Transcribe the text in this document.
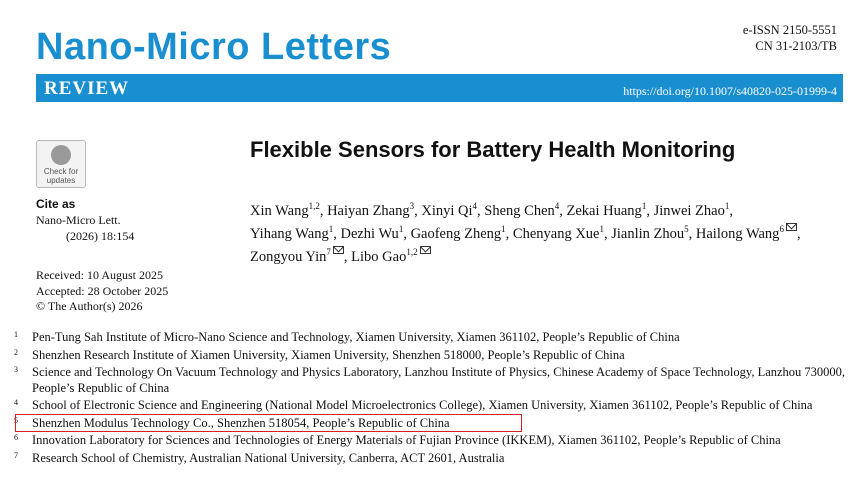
Nano-Micro Letters	e-ISSN 2150-5551
CN 31-2103/TB
REVIEW	https://doi.org/10.1007/s40820-025-01999-4
Check for
updates
Cite as
Nano-Micro Lett.
(2026) 18:154
Received: 10 August 2025
Accepted: 28 October 2025
© The Author(s) 2026
Flexible Sensors for Battery Health Monitoring
Xin Wang$^{1,2}$, Haiyan Zhang$^3$, Xinyi Qi$^4$, Sheng Chen$^4$, Zekai Huang$^1$, Jinwei Zhao$^1$, Yihang Wang$^1$, Dezhi Wu$^1$, Gaofeng Zheng$^1$, Chenyang Xue$^1$, Jianlin Zhou$^5$, Hailong Wang$^6$ , Zongyou Yin$^7$ , Libo Gao$^{1,2}$
1 Pen-Tung Sah Institute of Micro-Nano Science and Technology, Xiamen University, Xiamen 361102, People’s Republic of China
2 Shenzhen Research Institute of Xiamen University, Xiamen University, Shenzhen 518000, People’s Republic of China
3 Science and Technology On Vacuum Technology and Physics Laboratory, Lanzhou Institute of Physics, Chinese Academy of Space Technology, Lanzhou 730000, People’s Republic of China
4 School of Electronic Science and Engineering (National Model Microelectronics College), Xiamen University, Xiamen 361102, People’s Republic of China
5 Shenzhen Modulus Technology Co., Shenzhen 518054, People’s Republic of China
6 Innovation Laboratory for Sciences and Technologies of Energy Materials of Fujian Province (IKKEM), Xiamen 361102, People’s Republic of China
7 Research School of Chemistry, Australian National University, Canberra, ACT 2601, Australia
